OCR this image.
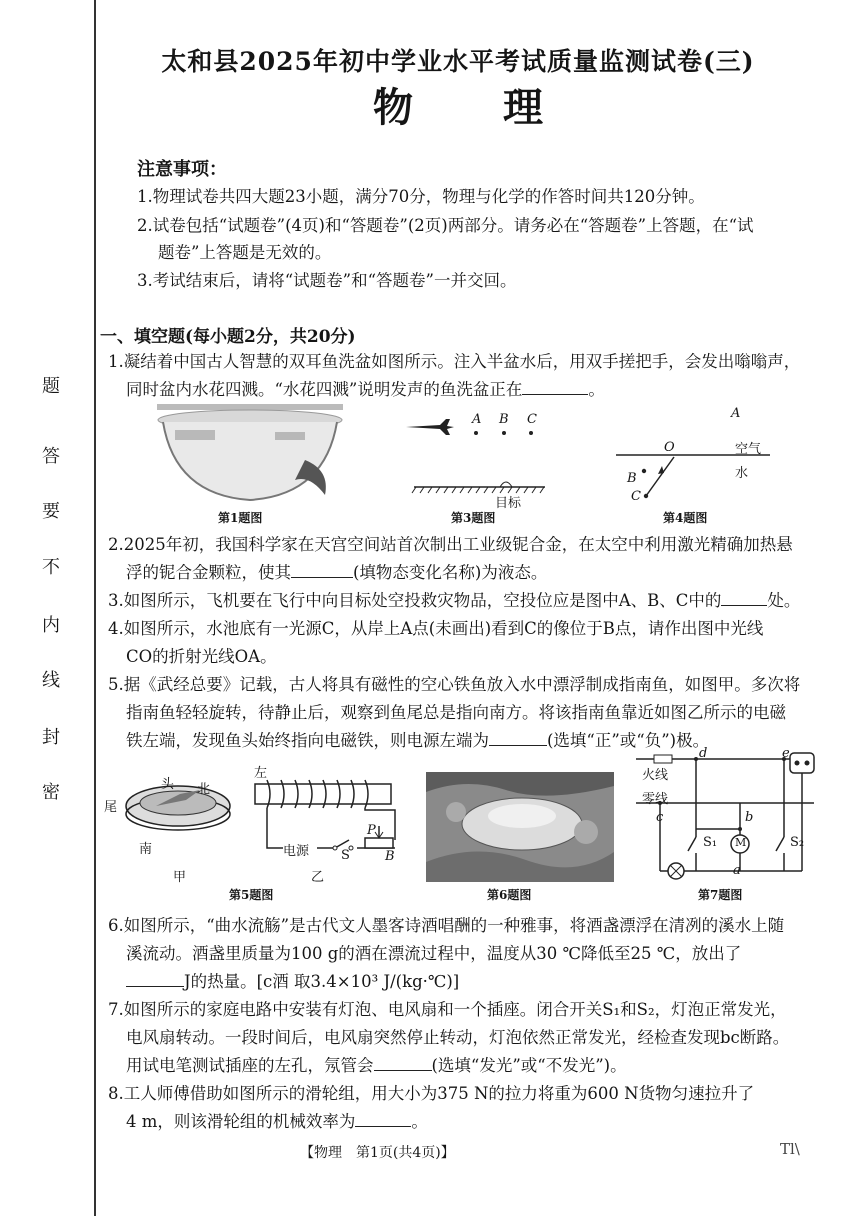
题
答
要
不
内
线
封
密
太和县2025年初中学业水平考试质量监测试卷(三)
物理
注意事项：
1.物理试卷共四大题23小题，满分70分，物理与化学的作答时间共120分钟。
2.试卷包括“试题卷”(4页)和“答题卷”(2页)两部分。请务必在“答题卷”上答题，在“试
题卷”上答题是无效的。
3.考试结束后，请将“试题卷”和“答题卷”一并交回。
一、填空题(每小题2分，共20分)
1.凝结着中国古人智慧的双耳鱼洗盆如图所示。注入半盆水后，用双手搓把手，会发出嗡嗡声，
同时盆内水花四溅。“水花四溅”说明发声的鱼洗盆正在	。
A B C
目标
A
O	空气
水
B
C
第1题图	第3题图	第4题图
2.2025年初，我国科学家在天宫空间站首次制出工业级铌合金，在太空中利用激光精确加热悬
浮的铌合金颗粒，使其	(填物态变化名称)为液态。
3.如图所示，飞机要在飞行中向目标处空投救灾物品，空投位应是图中A、B、C中的	处。
4.如图所示，水池底有一光源C，从岸上A点(未画出)看到C的像位于B点，请作出图中光线
CO的折射光线OA。
5.据《武经总要》记载，古人将具有磁性的空心铁鱼放入水中漂浮制成指南鱼，如图甲。多次将
指南鱼轻轻旋转，待静止后，观察到鱼尾总是指向南方。将该指南鱼靠近如图乙所示的电磁
铁左端，发现鱼头始终指向电磁铁，则电源左端为	(选填“正”或“负”)极。
头 北
尾
南
甲
左
电源 S
P
B
乙
火线
零线
d	e
c	b
a
S₁	S₂
M
第5题图	第6题图	第7题图
6.如图所示，“曲水流觞”是古代文人墨客诗酒唱酬的一种雅事，将酒盏漂浮在清冽的溪水上随
溪流动。酒盏里质量为100 g的酒在漂流过程中，温度从30 ℃降低至25 ℃，放出了
J的热量。[c酒 取3.4×10³ J/(kg·℃)]
7.如图所示的家庭电路中安装有灯泡、电风扇和一个插座。闭合开关S₁和S₂，灯泡正常发光，
电风扇转动。一段时间后，电风扇突然停止转动，灯泡依然正常发光，经检查发现bc断路。
用试电笔测试插座的左孔，氖管会	(选填“发光”或“不发光”)。
8.工人师傅借助如图所示的滑轮组，用大小为375 N的拉力将重为600 N货物匀速拉升了
4 m，则该滑轮组的机械效率为	。
【物理　第1页(共4页)】	Tl\
